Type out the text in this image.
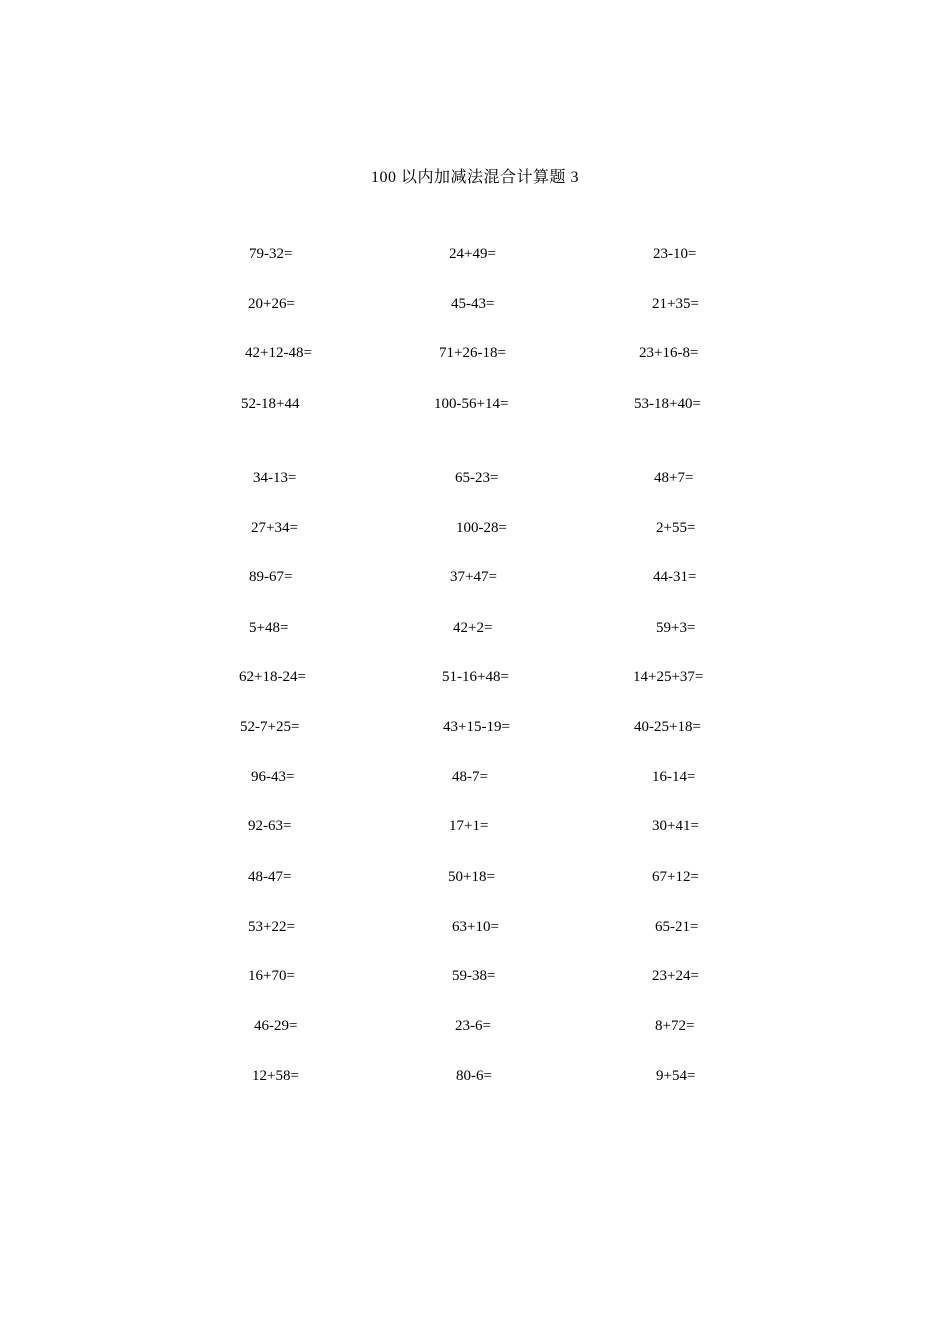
100 以内加减法混合计算题 3
79-32=	24+49=	23-10=
20+26=	45-43=	21+35=
42+12-48=	71+26-18=	23+16-8=
52-18+44	100-56+14=	53-18+40=
34-13=	65-23=	48+7=
27+34=	100-28=	2+55=
89-67=	37+47=	44-31=
5+48=	42+2=	59+3=
62+18-24=	51-16+48=	14+25+37=
52-7+25=	43+15-19=	40-25+18=
96-43=	48-7=	16-14=
92-63=	17+1=	30+41=
48-47=	50+18=	67+12=
53+22=	63+10=	65-21=
16+70=	59-38=	23+24=
46-29=	23-6=	8+72=
12+58=	80-6=	9+54=
